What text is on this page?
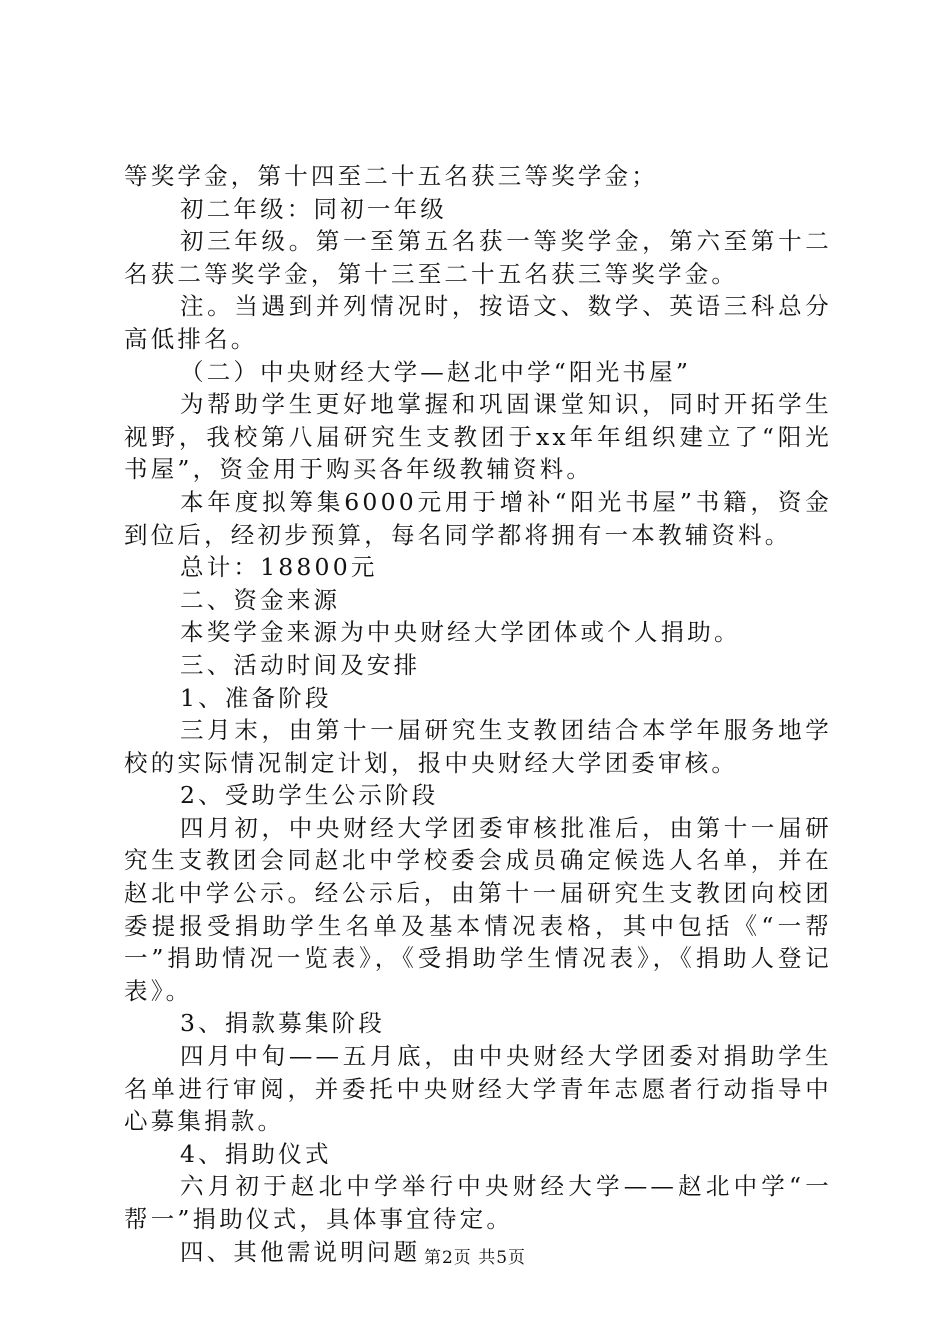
等奖学金，第十四至二十五名获三等奖学金；

初二年级：同初一年级

初三年级。第一至第五名获一等奖学金，第六至第十二名获二等奖学金，第十三至二十五名获三等奖学金。

注。当遇到并列情况时，按语文、数学、英语三科总分高低排名。

（二）中央财经大学—赵北中学“阳光书屋”

为帮助学生更好地掌握和巩固课堂知识，同时开拓学生视野，我校第八届研究生支教团于xx年年组织建立了“阳光书屋”，资金用于购买各年级教辅资料。

本年度拟筹集6000元用于增补“阳光书屋”书籍，资金到位后，经初步预算，每名同学都将拥有一本教辅资料。

总计：18800元

二、资金来源

本奖学金来源为中央财经大学团体或个人捐助。

三、活动时间及安排

1、准备阶段

三月末，由第十一届研究生支教团结合本学年服务地学校的实际情况制定计划，报中央财经大学团委审核。

2、受助学生公示阶段

四月初，中央财经大学团委审核批准后，由第十一届研究生支教团会同赵北中学校委会成员确定候选人名单，并在赵北中学公示。经公示后，由第十一届研究生支教团向校团委提报受捐助学生名单及基本情况表格，其中包括《“一帮一”捐助情况一览表》，《受捐助学生情况表》，《捐助人登记表》。

3、捐款募集阶段

四月中旬——五月底，由中央财经大学团委对捐助学生名单进行审阅，并委托中央财经大学青年志愿者行动指导中心募集捐款。

4、捐助仪式

六月初于赵北中学举行中央财经大学——赵北中学“一帮一”捐助仪式，具体事宜待定。

四、其他需说明问题 第2页 共5页
